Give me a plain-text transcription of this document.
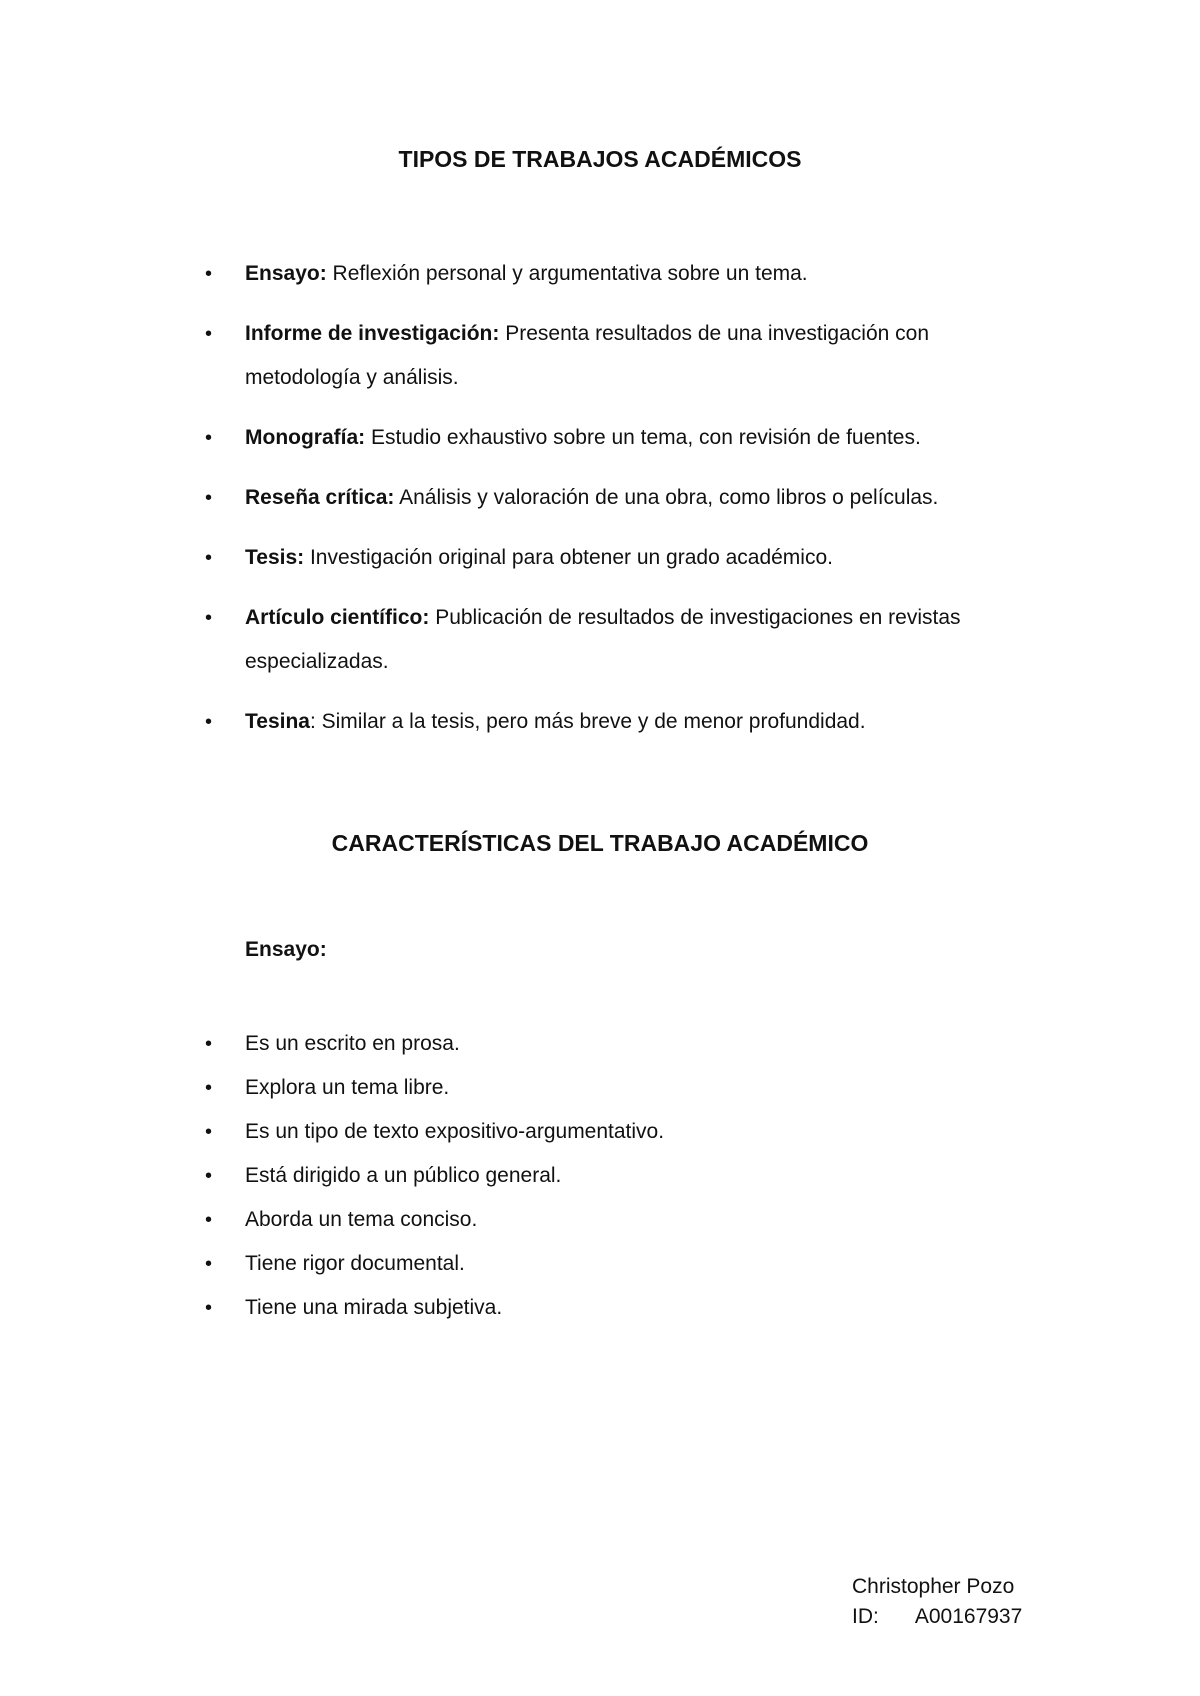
TIPOS DE TRABAJOS ACADÉMICOS
• Ensayo: Reflexión personal y argumentativa sobre un tema.
• Informe de investigación: Presenta resultados de una investigación con metodología y análisis.
• Monografía: Estudio exhaustivo sobre un tema, con revisión de fuentes.
• Reseña crítica: Análisis y valoración de una obra, como libros o películas.
• Tesis: Investigación original para obtener un grado académico.
• Artículo científico: Publicación de resultados de investigaciones en revistas especializadas.
• Tesina: Similar a la tesis, pero más breve y de menor profundidad.
CARACTERÍSTICAS DEL TRABAJO ACADÉMICO

Ensayo:

• Es un escrito en prosa.
• Explora un tema libre.
• Es un tipo de texto expositivo-argumentativo.
• Está dirigido a un público general.
• Aborda un tema conciso.
• Tiene rigor documental.
• Tiene una mirada subjetiva.
Christopher Pozo
ID: A00167937
